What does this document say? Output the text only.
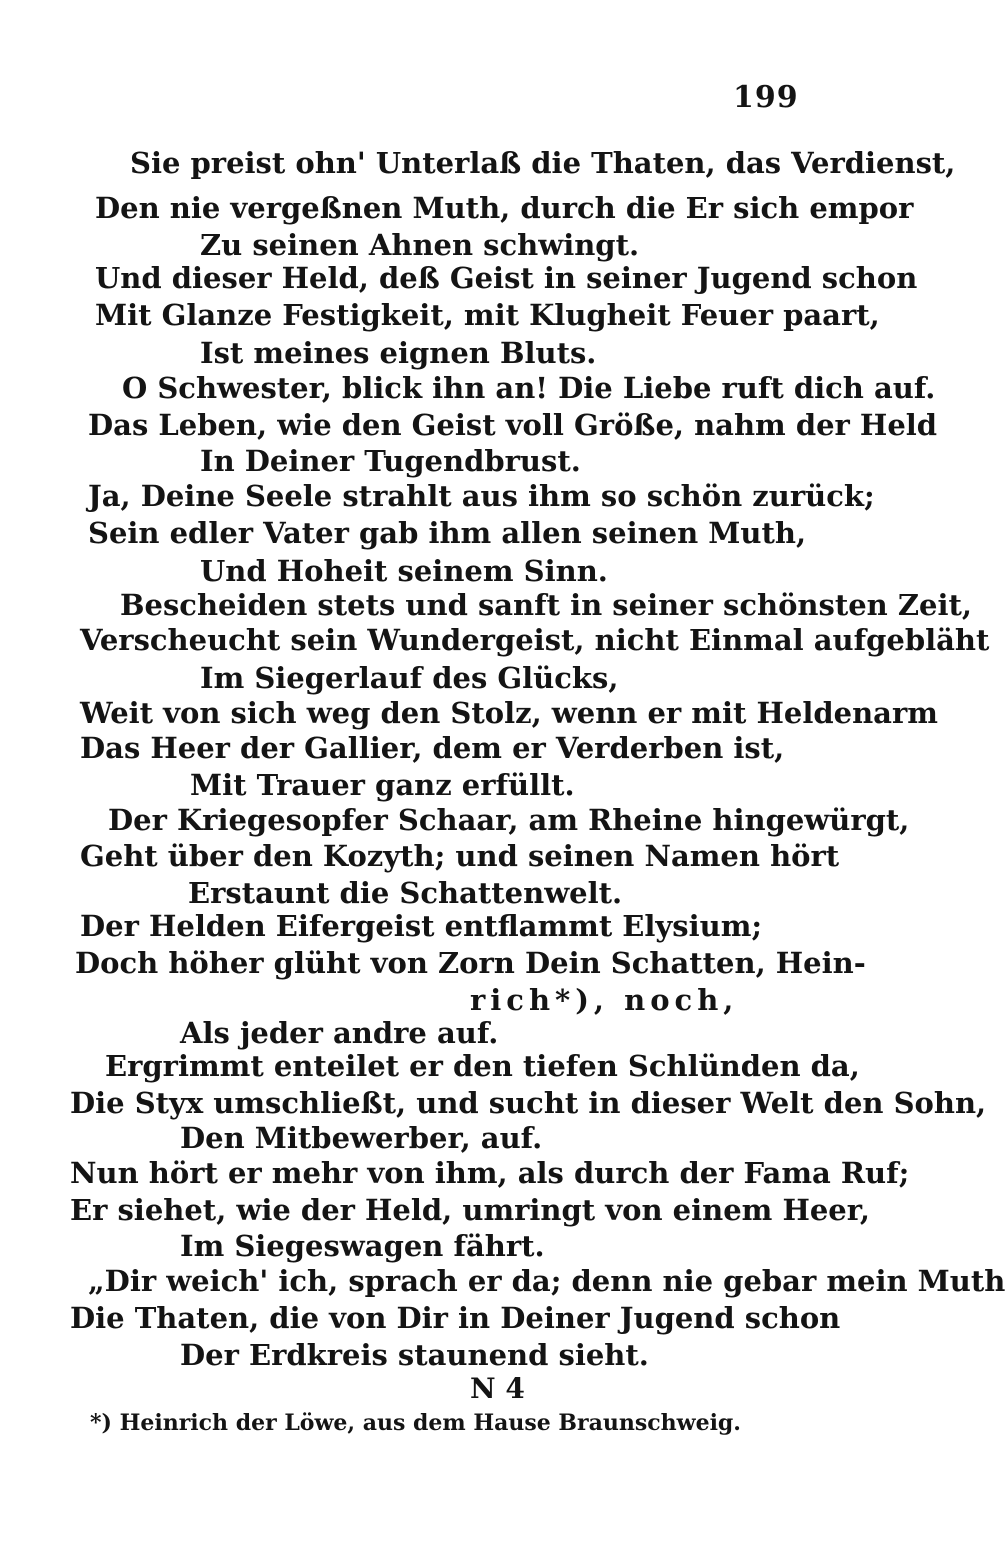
199
Sie preist ohn' Unterlaß die Thaten, das Verdienst,
Den nie vergeßnen Muth, durch die Er sich empor
Zu seinen Ahnen schwingt.
Und dieser Held, deß Geist in seiner Jugend schon
Mit Glanze Festigkeit, mit Klugheit Feuer paart,
Ist meines eignen Bluts.
O Schwester, blick ihn an! Die Liebe ruft dich auf.
Das Leben, wie den Geist voll Größe, nahm der Held
In Deiner Tugendbrust.
Ja, Deine Seele strahlt aus ihm so schön zurück;
Sein edler Vater gab ihm allen seinen Muth,
Und Hoheit seinem Sinn.
Bescheiden stets und sanft in seiner schönsten Zeit,
Verscheucht sein Wundergeist, nicht Einmal aufgebläht
Im Siegerlauf des Glücks,
Weit von sich weg den Stolz, wenn er mit Heldenarm
Das Heer der Gallier, dem er Verderben ist,
Mit Trauer ganz erfüllt.
Der Kriegesopfer Schaar, am Rheine hingewürgt,
Geht über den Kozyth; und seinen Namen hört
Erstaunt die Schattenwelt.
Der Helden Eifergeist entflammt Elysium;
Doch höher glüht von Zorn Dein Schatten, Hein-
rich*), noch,
Als jeder andre auf.
Ergrimmt enteilet er den tiefen Schlünden da,
Die Styx umschließt, und sucht in dieser Welt den Sohn,
Den Mitbewerber, auf.
Nun hört er mehr von ihm, als durch der Fama Ruf;
Er siehet, wie der Held, umringt von einem Heer,
Im Siegeswagen fährt.
„Dir weich' ich, sprach er da; denn nie gebar mein Muth
Die Thaten, die von Dir in Deiner Jugend schon
Der Erdkreis staunend sieht.
N 4
*) Heinrich der Löwe, aus dem Hause Braunschweig.
